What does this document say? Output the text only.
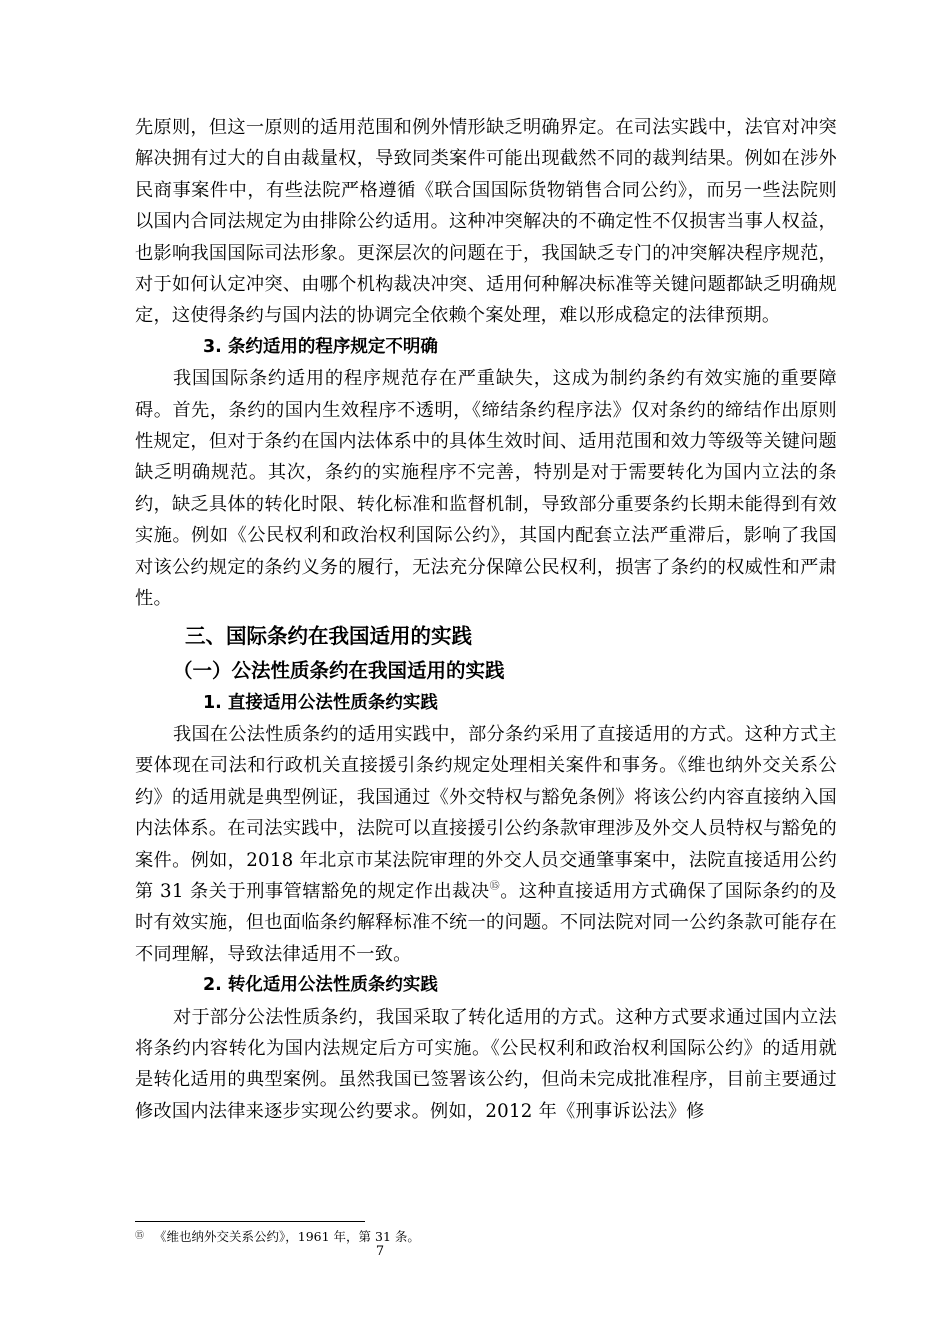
先原则，但这一原则的适用范围和例外情形缺乏明确界定。在司法实践中，法官对冲突解决拥有过大的自由裁量权，导致同类案件可能出现截然不同的裁判结果。例如在涉外民商事案件中，有些法院严格遵循《联合国国际货物销售合同公约》，而另一些法院则以国内合同法规定为由排除公约适用。这种冲突解决的不确定性不仅损害当事人权益，也影响我国国际司法形象。更深层次的问题在于，我国缺乏专门的冲突解决程序规范，对于如何认定冲突、由哪个机构裁决冲突、适用何种解决标准等关键问题都缺乏明确规定，这使得条约与国内法的协调完全依赖个案处理，难以形成稳定的法律预期。

3. 条约适用的程序规定不明确

我国国际条约适用的程序规范存在严重缺失，这成为制约条约有效实施的重要障碍。首先，条约的国内生效程序不透明，《缔结条约程序法》仅对条约的缔结作出原则性规定，但对于条约在国内法体系中的具体生效时间、适用范围和效力等级等关键问题缺乏明确规范。其次，条约的实施程序不完善，特别是对于需要转化为国内立法的条约，缺乏具体的转化时限、转化标准和监督机制，导致部分重要条约长期未能得到有效实施。例如《公民权利和政治权利国际公约》，其国内配套立法严重滞后，影响了我国对该公约规定的条约义务的履行，无法充分保障公民权利，损害了条约的权威性和严肃性。

三、国际条约在我国适用的实践
（一）公法性质条约在我国适用的实践

1. 直接适用公法性质条约实践

我国在公法性质条约的适用实践中，部分条约采用了直接适用的方式。这种方式主要体现在司法和行政机关直接援引条约规定处理相关案件和事务。《维也纳外交关系公约》的适用就是典型例证，我国通过《外交特权与豁免条例》将该公约内容直接纳入国内法体系。在司法实践中，法院可以直接援引公约条款审理涉及外交人员特权与豁免的案件。例如，2018 年北京市某法院审理的外交人员交通肇事案中，法院直接适用公约第 31 条关于刑事管辖豁免的规定作出裁决⑮。这种直接适用方式确保了国际条约的及时有效实施，但也面临条约解释标准不统一的问题。不同法院对同一公约条款可能存在不同理解，导致法律适用不一致。

2. 转化适用公法性质条约实践

对于部分公法性质条约，我国采取了转化适用的方式。这种方式要求通过国内立法将条约内容转化为国内法规定后方可实施。《公民权利和政治权利国际公约》的适用就是转化适用的典型案例。虽然我国已签署该公约，但尚未完成批准程序，目前主要通过修改国内法律来逐步实现公约要求。例如，2012 年《刑事诉讼法》修

⑮ 《维也纳外交关系公约》，1961 年，第 31 条。
7
